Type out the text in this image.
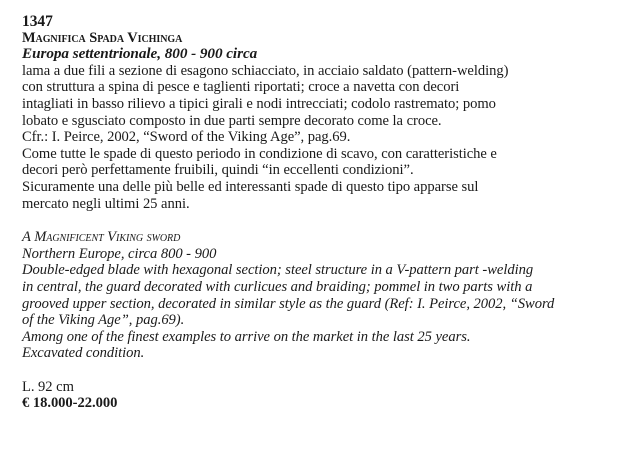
1347
Magnifica Spada Vichinga
Europa settentrionale, 800 - 900 circa
lama a due fili a sezione di esagono schiacciato, in acciaio saldato (pattern-welding)
con struttura a spina di pesce e taglienti riportati; croce a navetta con decori
intagliati in basso rilievo a tipici girali e nodi intrecciati; codolo rastremato; pomo
lobato e sgusciato composto in due parti sempre decorato come la croce.
Cfr.: I. Peirce, 2002, “Sword of the Viking Age”, pag.69.
Come tutte le spade di questo periodo in condizione di scavo, con caratteristiche e
decori però perfettamente fruibili, quindi “in eccellenti condizioni”.
Sicuramente una delle più belle ed interessanti spade di questo tipo apparse sul
mercato negli ultimi 25 anni.
A Magnificent Viking sword
Northern Europe, circa 800 - 900
Double-edged blade with hexagonal section; steel structure in a V-pattern part -welding
in central, the guard decorated with curlicues and braiding; pommel in two parts with a
grooved upper section, decorated in similar style as the guard (Ref: I. Peirce, 2002, “Sword
of the Viking Age”, pag.69).
Among one of the finest examples to arrive on the market in the last 25 years.
Excavated condition.
L. 92 cm
€ 18.000-22.000
